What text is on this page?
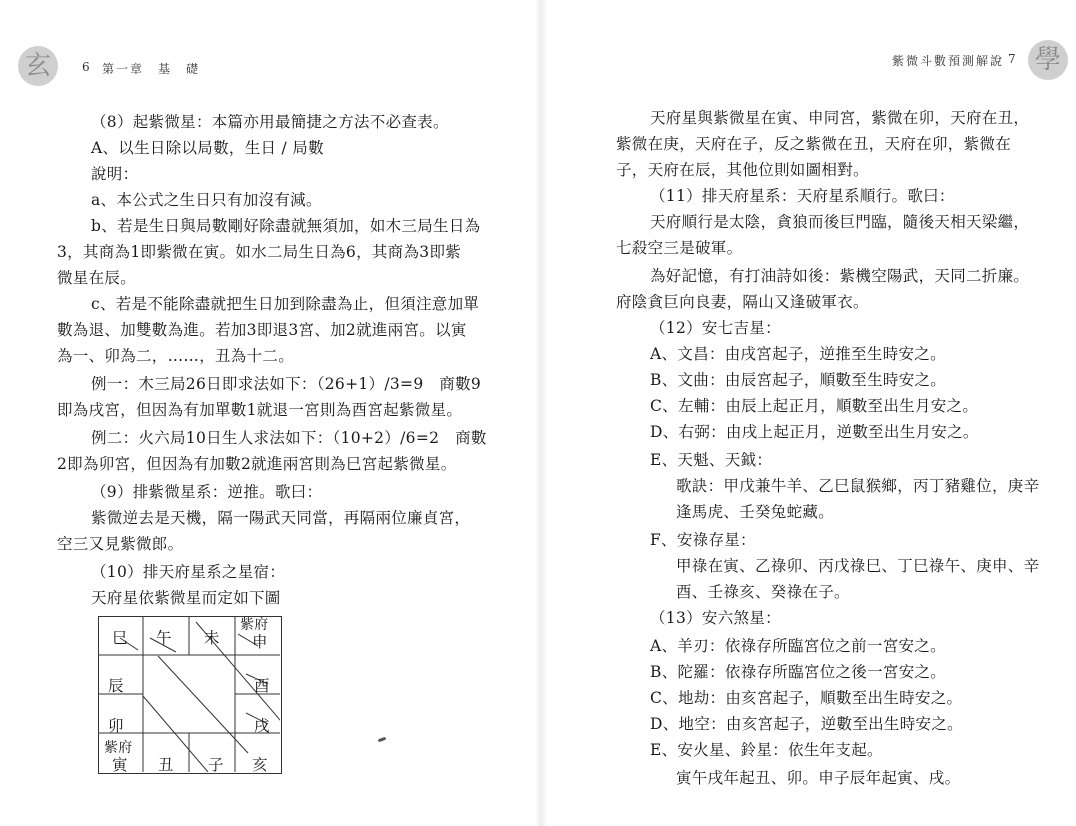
玄	6 第一章　基　礎
（8）起紫微星：本篇亦用最簡捷之方法不必查表。
A、以生日除以局數，生日 / 局數
說明：
a、本公式之生日只有加沒有減。
b、若是生日與局數剛好除盡就無須加，如木三局生日為
3，其商為1即紫微在寅。如水二局生日為6，其商為3即紫
微星在辰。
c、若是不能除盡就把生日加到除盡為止，但須注意加單
數為退、加雙數為進。若加3即退3宮、加2就進兩宮。以寅
為一、卯為二，……，丑為十二。
例一：木三局26日即求法如下：（26+1）/3=9　商數9
即為戌宮，但因為有加單數1就退一宮則為酉宮起紫微星。
例二：火六局10日生人求法如下：（10+2）/6=2　商數
2即為卯宮，但因為有加數2就進兩宮則為巳宮起紫微星。
（9）排紫微星系：逆推。歌曰：
紫微逆去是天機，隔一陽武天同當，再隔兩位廉貞宮，
空三又見紫微郎。
（10）排天府星系之星宿：
天府星依紫微星而定如下圖
巳 午 未
紫府
申
辰
卯
酉
戌
紫府
寅 丑 子 亥
紫微斗數預測解說 7 學
天府星與紫微星在寅、申同宮，紫微在卯，天府在丑，
紫微在庚，天府在子，反之紫微在丑，天府在卯，紫微在
子，天府在辰，其他位則如圖相對。
（11）排天府星系：天府星系順行。歌曰：
天府順行是太陰，貪狼而後巨門臨，隨後天相天梁繼，
七殺空三是破軍。
為好記憶，有打油詩如後：紫機空陽武，天同二折廉。
府陰貪巨向良妻，隔山又逢破軍衣。
（12）安七吉星：
A、文昌：由戌宮起子，逆推至生時安之。
B、文曲：由辰宮起子，順數至生時安之。
C、左輔：由辰上起正月，順數至出生月安之。
D、右弼：由戌上起正月，逆數至出生月安之。
E、天魁、天鉞：
歌訣：甲戊兼牛羊、乙巳鼠猴鄉，丙丁豬雞位，庚辛
逢馬虎、壬癸兔蛇藏。
F、安祿存星：
甲祿在寅、乙祿卯、丙戊祿巳、丁巳祿午、庚申、辛
酉、壬祿亥、癸祿在子。
（13）安六煞星：
A、羊刃：依祿存所臨宮位之前一宮安之。
B、陀羅：依祿存所臨宮位之後一宮安之。
C、地劫：由亥宮起子，順數至出生時安之。
D、地空：由亥宮起子，逆數至出生時安之。
E、安火星、鈴星：依生年支起。
寅午戌年起丑、卯。申子辰年起寅、戌。
